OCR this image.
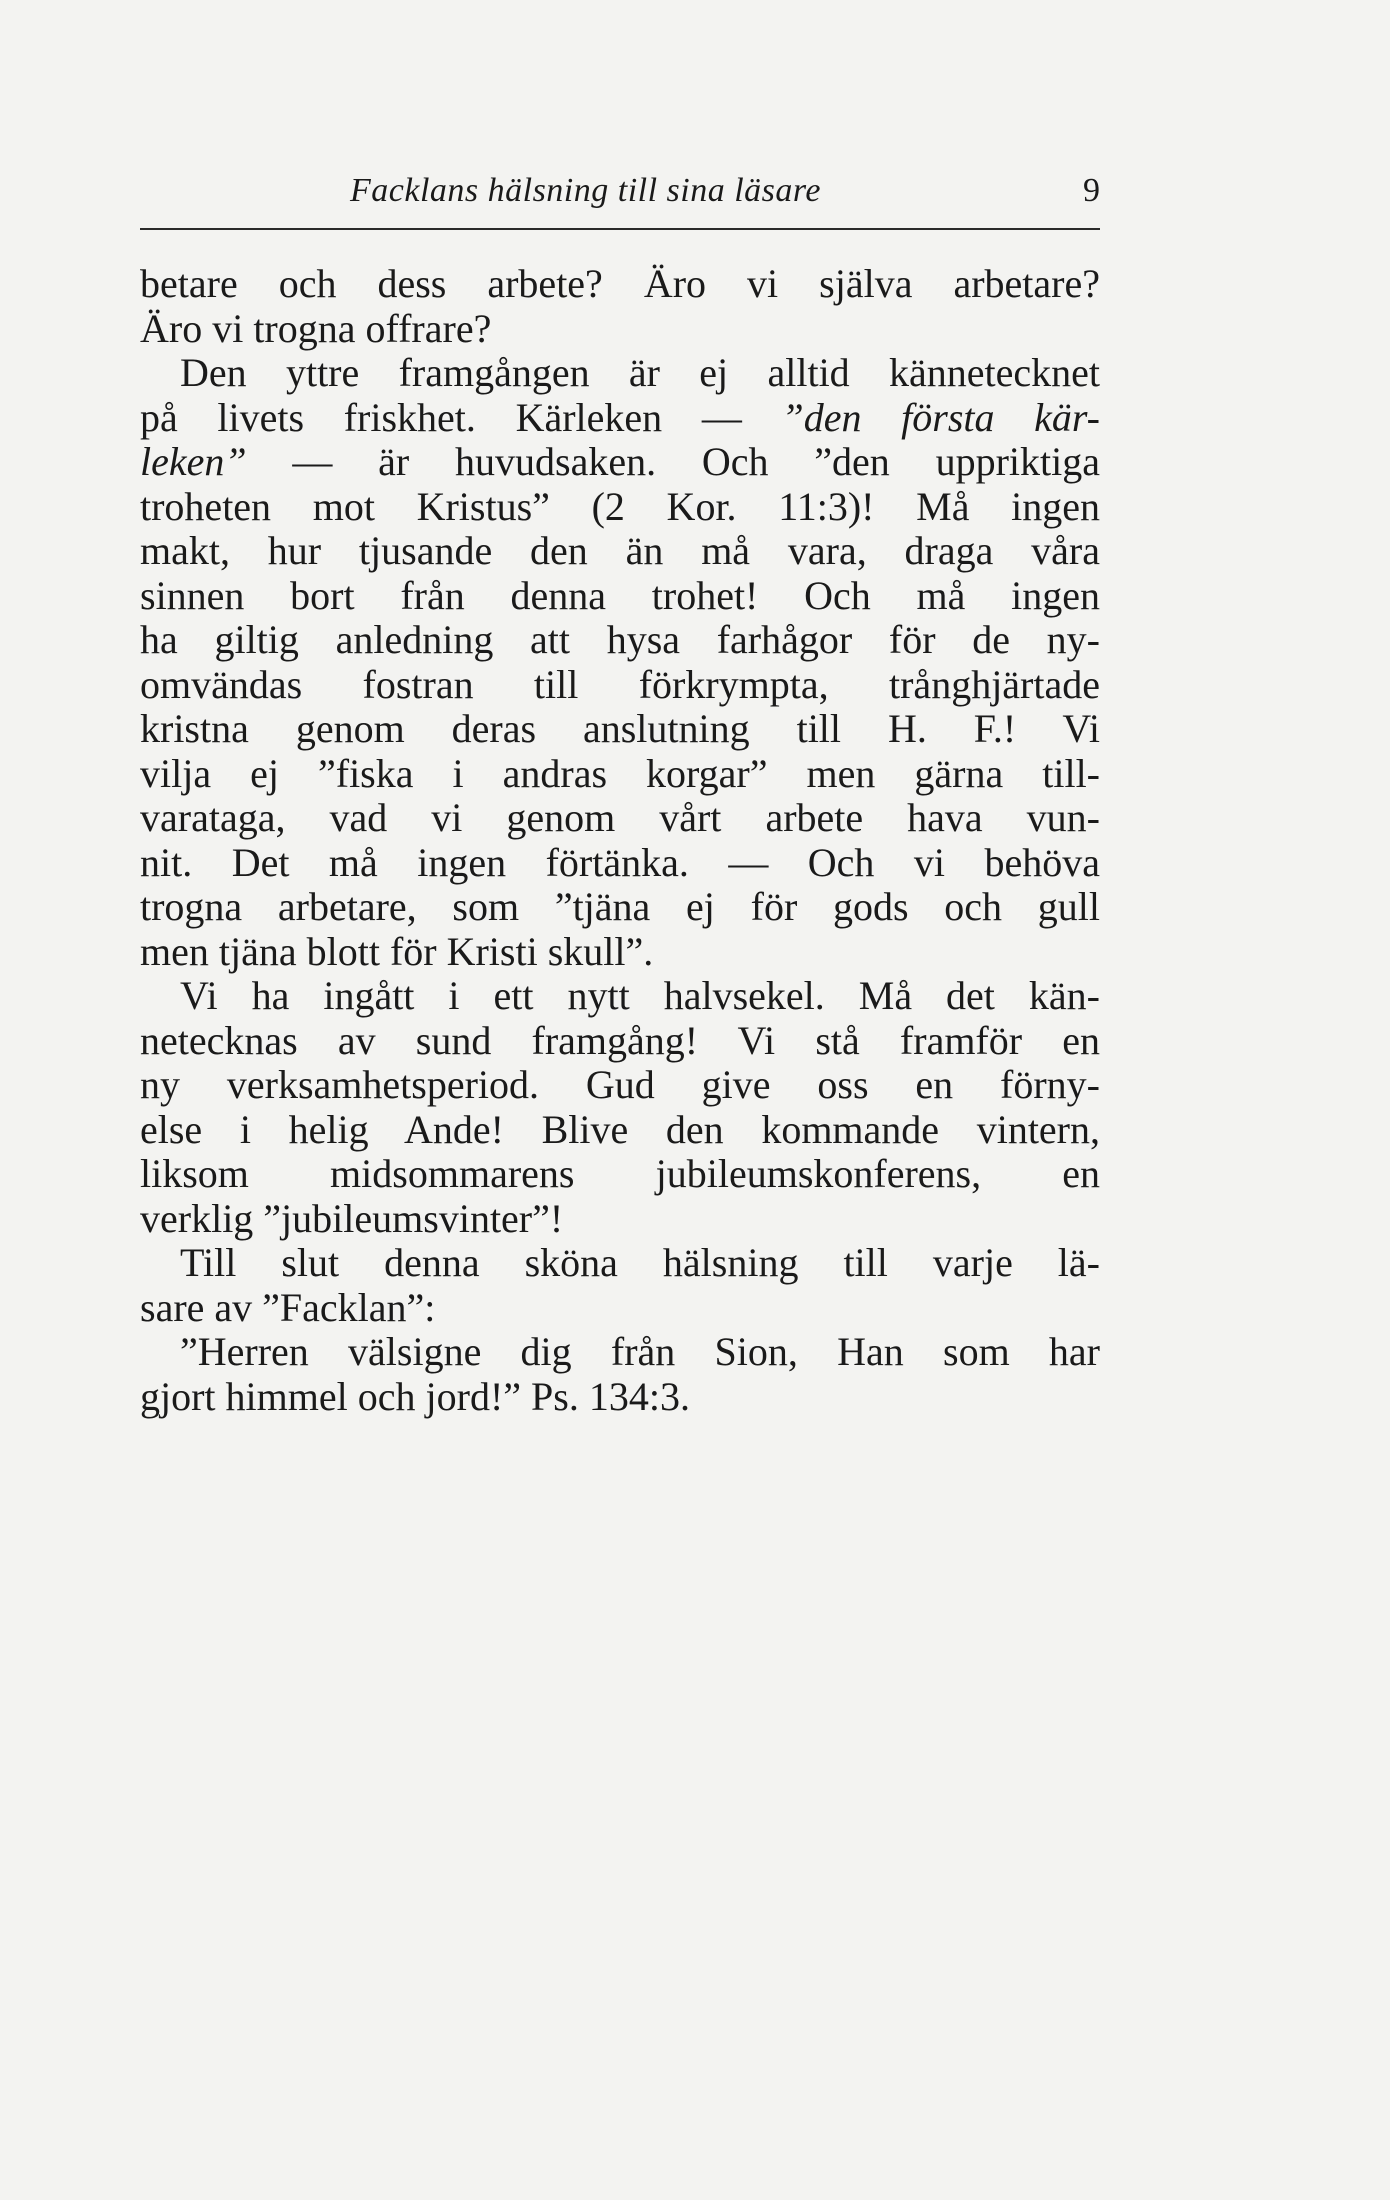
Facklans hälsning till sina läsare	9
betare och dess arbete? Äro vi själva arbetare?
Äro vi trogna offrare?
Den yttre framgången är ej alltid kännetecknet
på livets friskhet. Kärleken — ”den första kär-
leken” — är huvudsaken. Och ”den uppriktiga
troheten mot Kristus” (2 Kor. 11:3)! Må ingen
makt, hur tjusande den än må vara, draga våra
sinnen bort från denna trohet! Och må ingen
ha giltig anledning att hysa farhågor för de ny-
omvändas fostran till förkrympta, trånghjärtade
kristna genom deras anslutning till H. F.! Vi
vilja ej ”fiska i andras korgar” men gärna till-
varataga, vad vi genom vårt arbete hava vun-
nit. Det må ingen förtänka. — Och vi behöva
trogna arbetare, som ”tjäna ej för gods och gull
men tjäna blott för Kristi skull”.
Vi ha ingått i ett nytt halvsekel. Må det kän-
netecknas av sund framgång! Vi stå framför en
ny verksamhetsperiod. Gud give oss en förny-
else i helig Ande! Blive den kommande vintern,
liksom midsommarens jubileumskonferens, en
verklig ”jubileumsvinter”!
Till slut denna sköna hälsning till varje lä-
sare av ”Facklan”:
”Herren välsigne dig från Sion, Han som har
gjort himmel och jord!” Ps. 134:3.
